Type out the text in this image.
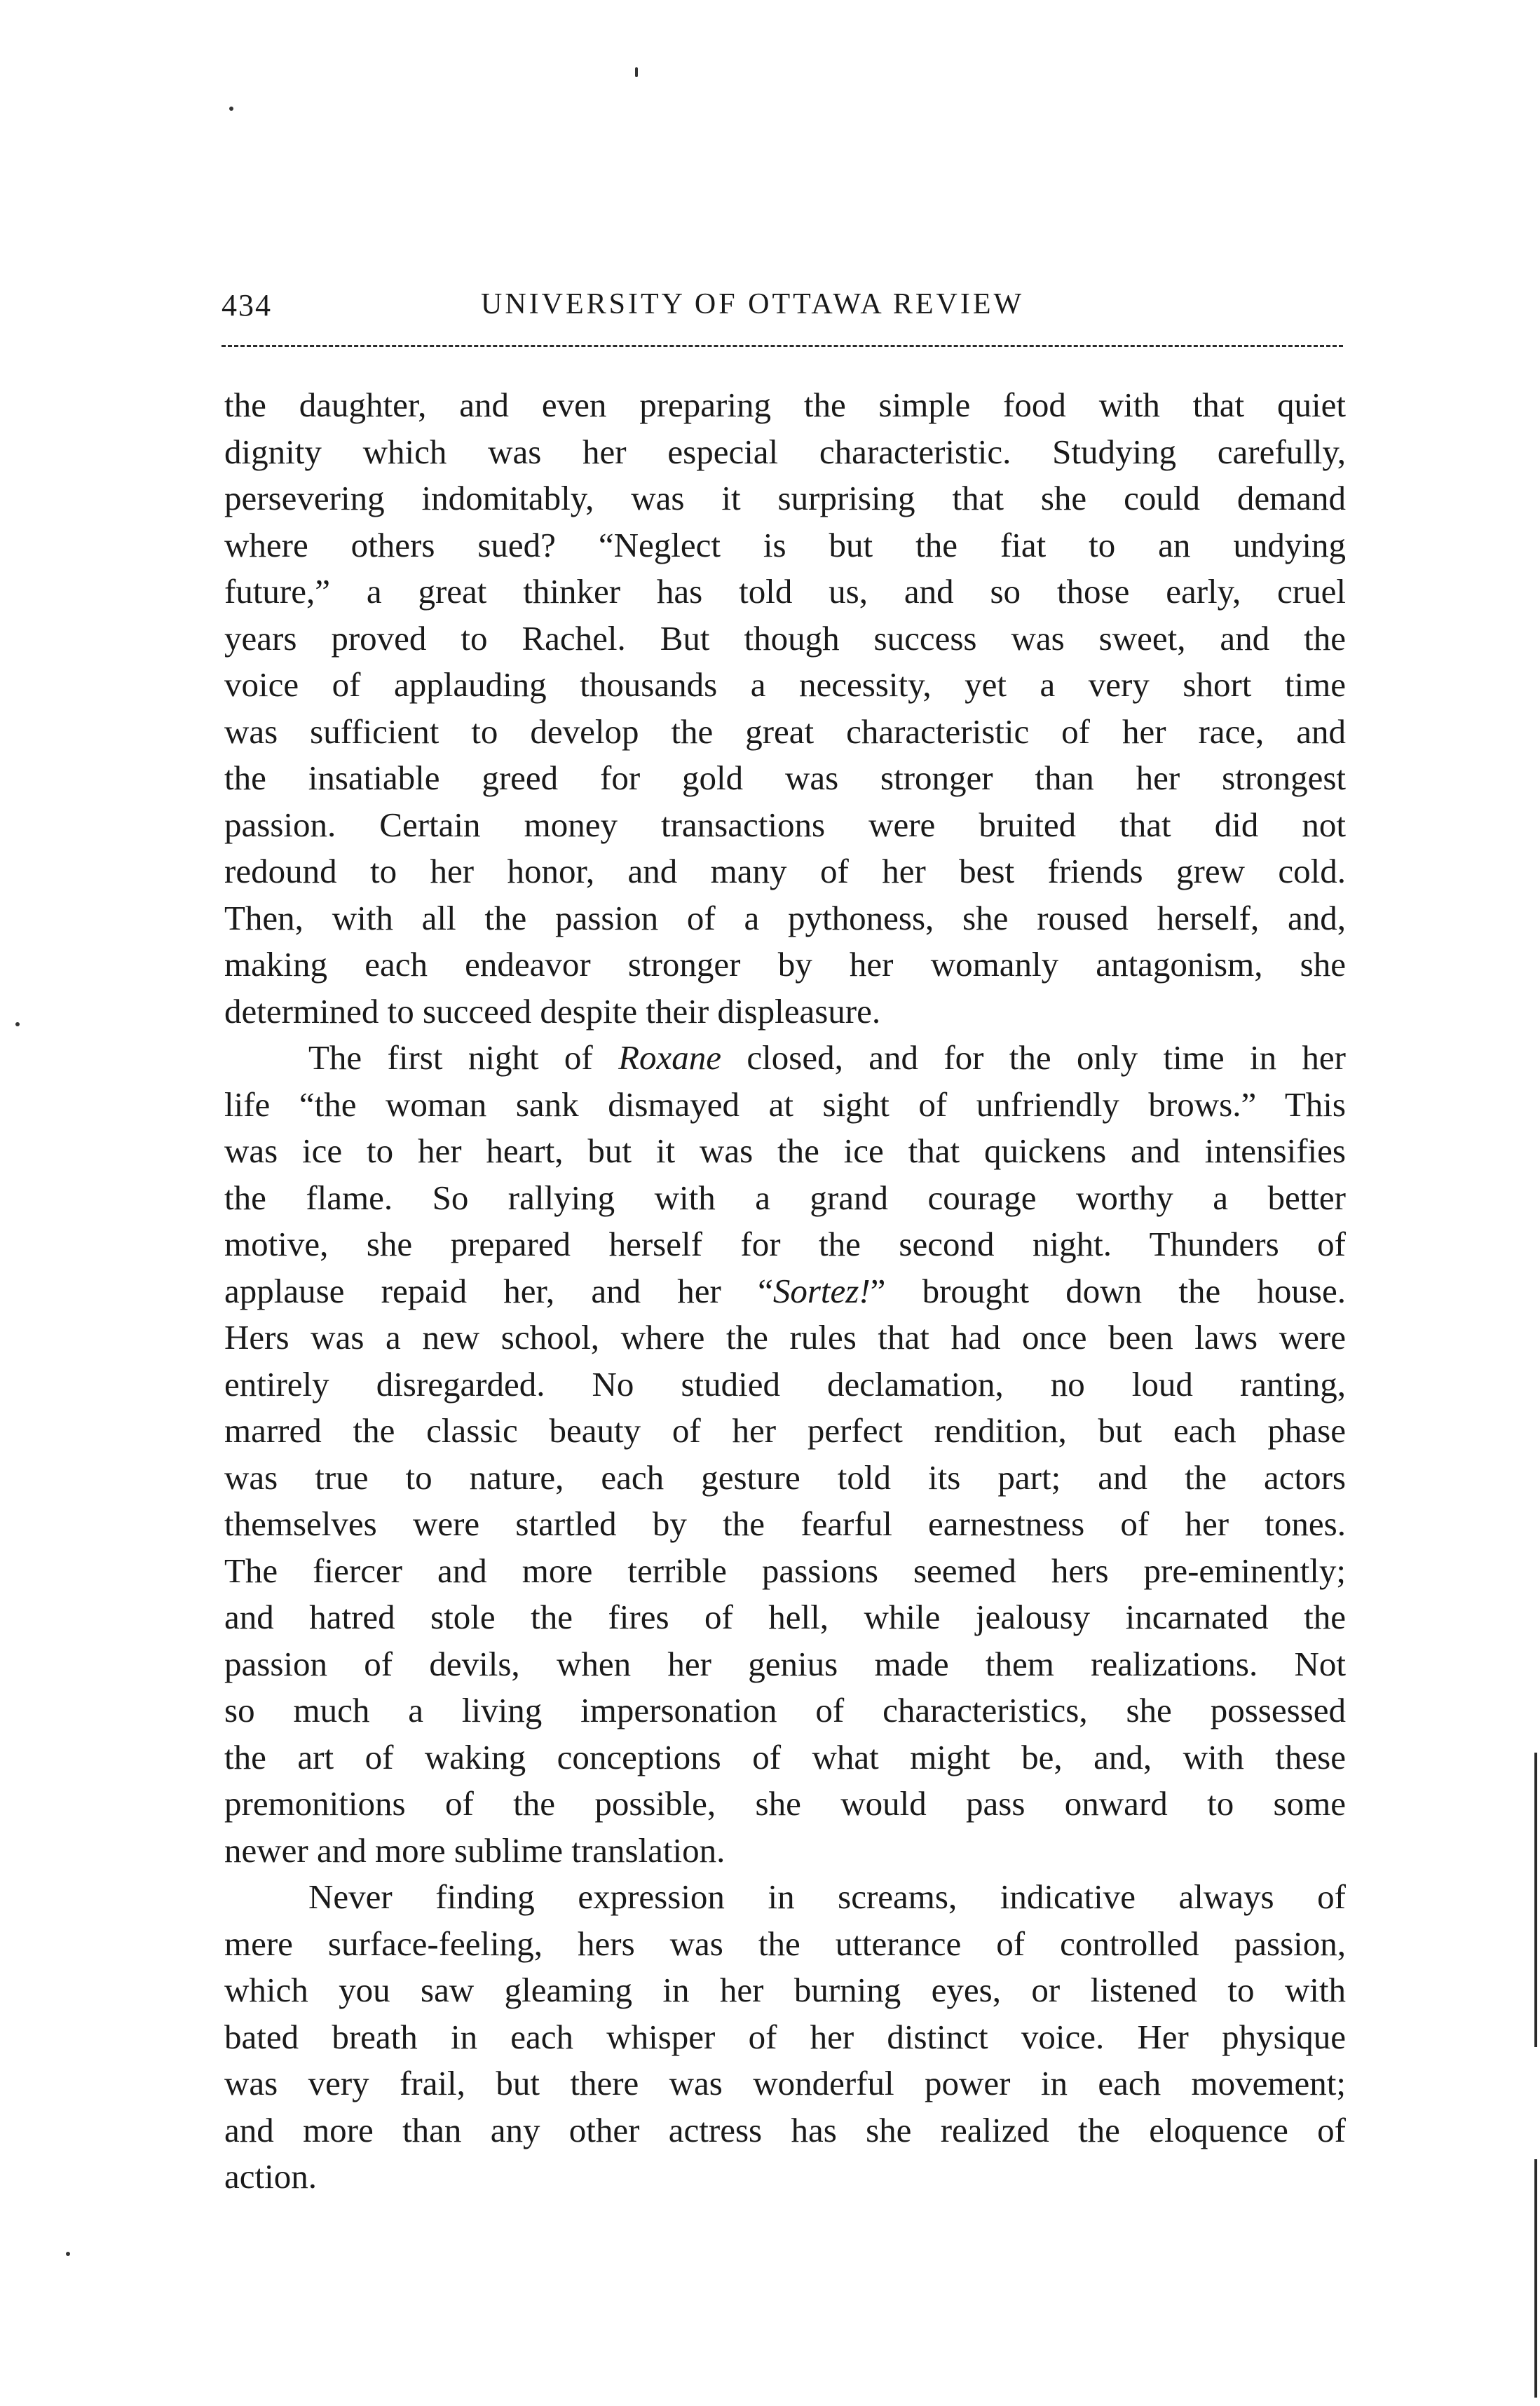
434	UNIVERSITY OF OTTAWA REVIEW
the daughter, and even preparing the simple food with that quiet
dignity which was her especial characteristic. Studying carefully,
persevering indomitably, was it surprising that she could demand
where others sued? “Neglect is but the fiat to an undying
future,” a great thinker has told us, and so those early, cruel
years proved to Rachel. But though success was sweet, and the
voice of applauding thousands a necessity, yet a very short time
was sufficient to develop the great characteristic of her race, and
the insatiable greed for gold was stronger than her strongest
passion. Certain money transactions were bruited that did not
redound to her honor, and many of her best friends grew cold.
Then, with all the passion of a pythoness, she roused herself, and,
making each endeavor stronger by her womanly antagonism, she
determined to succeed despite their displeasure.
The first night of Roxane closed, and for the only time in her
life “the woman sank dismayed at sight of unfriendly brows.” This
was ice to her heart, but it was the ice that quickens and intensifies
the flame. So rallying with a grand courage worthy a better
motive, she prepared herself for the second night. Thunders of
applause repaid her, and her “Sortez!” brought down the house.
Hers was a new school, where the rules that had once been laws were
entirely disregarded. No studied declamation, no loud ranting,
marred the classic beauty of her perfect rendition, but each phase
was true to nature, each gesture told its part; and the actors
themselves were startled by the fearful earnestness of her tones.
The fiercer and more terrible passions seemed hers pre-eminently;
and hatred stole the fires of hell, while jealousy incarnated the
passion of devils, when her genius made them realizations. Not
so much a living impersonation of characteristics, she possessed
the art of waking conceptions of what might be, and, with these
premonitions of the possible, she would pass onward to some
newer and more sublime translation.
Never finding expression in screams, indicative always of
mere surface-feeling, hers was the utterance of controlled passion,
which you saw gleaming in her burning eyes, or listened to with
bated breath in each whisper of her distinct voice. Her physique
was very frail, but there was wonderful power in each movement;
and more than any other actress has she realized the eloquence of
action.
